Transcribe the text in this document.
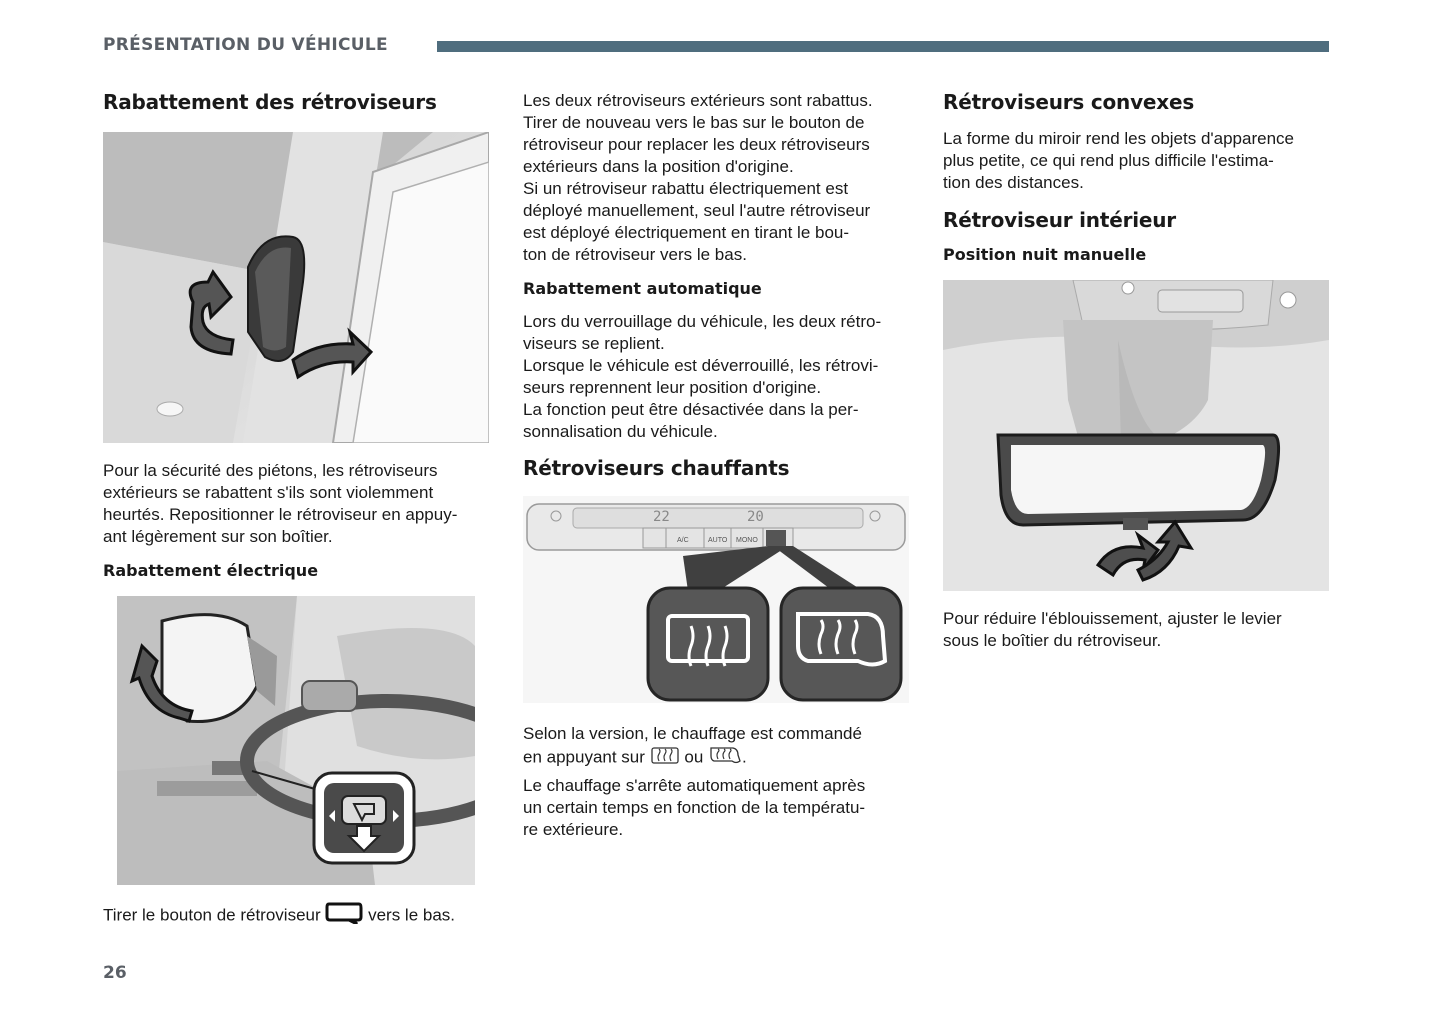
PRÉSENTATION DU VÉHICULE
Rabattement des rétroviseurs

Pour la sécurité des piétons, les rétroviseurs

extérieurs se rabattent s'ils sont violemment

heurtés. Repositionner le rétroviseur en appuy-

ant légèrement sur son boîtier.

Rabattement électrique

Tirer le bouton de rétroviseur  vers le bas.

Les deux rétroviseurs extérieurs sont rabattus.

Tirer de nouveau vers le bas sur le bouton de

rétroviseur pour replacer les deux rétroviseurs

extérieurs dans la position d'origine.

Si un rétroviseur rabattu électriquement est

déployé manuellement, seul l'autre rétroviseur

est déployé électriquement en tirant le bou-

ton de rétroviseur vers le bas.

Rabattement automatique

Lors du verrouillage du véhicule, les deux rétro-

viseurs se replient.

Lorsque le véhicule est déverrouillé, les rétrovi-

seurs reprennent leur position d'origine.

La fonction peut être désactivée dans la per-

sonnalisation du véhicule.

Rétroviseurs chauffants
22	20
A/C	AUTO MONO

Selon la version, le chauffage est commandé

en appuyant sur  ou .

Le chauffage s'arrête automatiquement après

un certain temps en fonction de la températu-

re extérieure.

Rétroviseurs convexes

La forme du miroir rend les objets d'apparence

plus petite, ce qui rend plus difficile l'estima-

tion des distances.

Rétroviseur intérieur
Position nuit manuelle

Pour réduire l'éblouissement, ajuster le levier

sous le boîtier du rétroviseur.

26
